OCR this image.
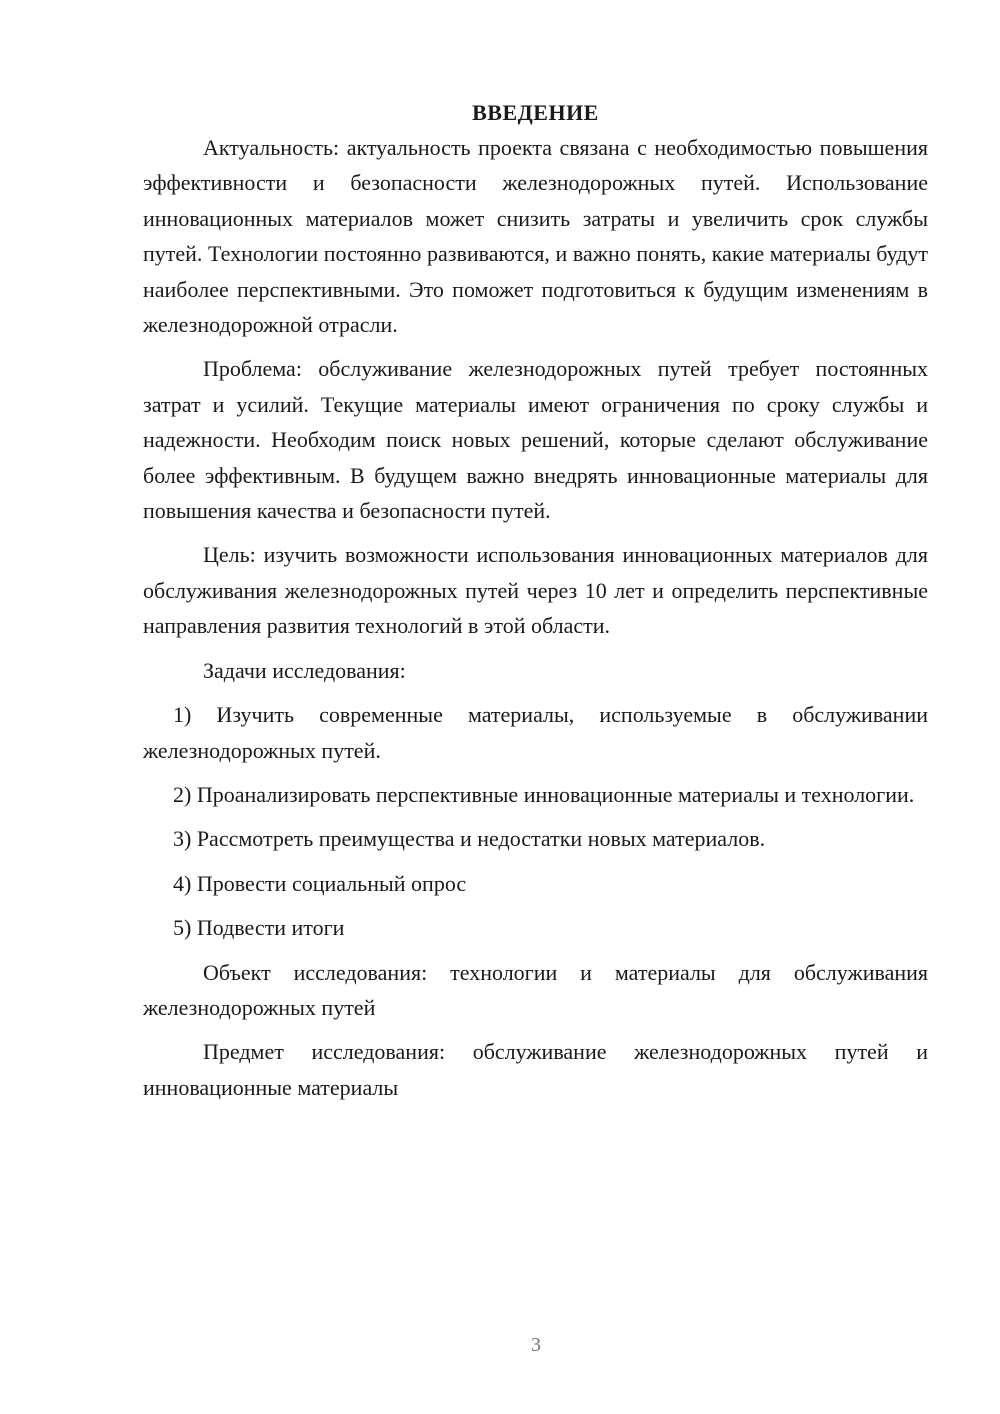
ВВЕДЕНИЕ

Актуальность: актуальность проекта связана с необходимостью повышения эффективности и безопасности железнодорожных путей. Использование инновационных материалов может снизить затраты и увеличить срок службы путей. Технологии постоянно развиваются, и важно понять, какие материалы будут наиболее перспективными. Это поможет подготовиться к будущим изменениям в железнодорожной отрасли.

Проблема: обслуживание железнодорожных путей требует постоянных затрат и усилий. Текущие материалы имеют ограничения по сроку службы и надежности. Необходим поиск новых решений, которые сделают обслуживание более эффективным. В будущем важно внедрять инновационные материалы для повышения качества и безопасности путей.

Цель: изучить возможности использования инновационных материалов для обслуживания железнодорожных путей через 10 лет и определить перспективные направления развития технологий в этой области.

Задачи исследования:

1) Изучить современные материалы, используемые в обслуживании железнодорожных путей.

2) Проанализировать перспективные инновационные материалы и технологии.

3) Рассмотреть преимущества и недостатки новых материалов.

4) Провести социальный опрос

5) Подвести итоги

Объект исследования: технологии и материалы для обслуживания железнодорожных путей

Предмет исследования: обслуживание железнодорожных путей и инновационные материалы

3
